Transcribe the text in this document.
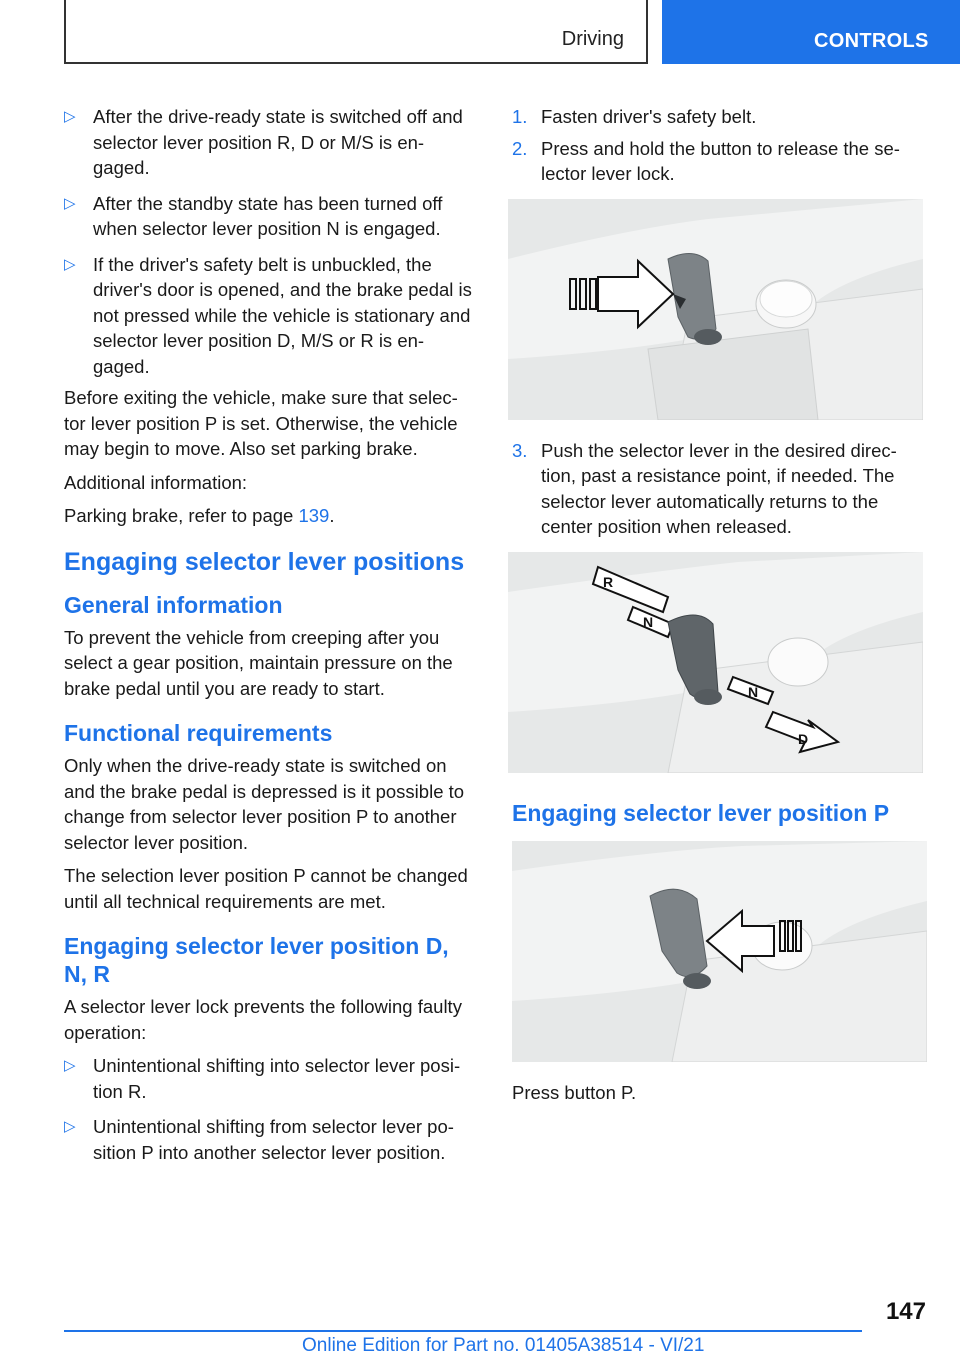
Driving	CONTROLS
▷ After the drive-ready state is switched off and selector lever position R, D or M/S is en‐ gaged.
▷ After the standby state has been turned off when selector lever position N is engaged.
▷ If the driver's safety belt is unbuckled, the driver's door is opened, and the brake pedal is not pressed while the vehicle is stationary and selector lever position D, M/S or R is en‐ gaged.

Before exiting the vehicle, make sure that selec‐ tor lever position P is set. Otherwise, the vehicle may begin to move. Also set parking brake.

Additional information:

Parking brake, refer to page 139.

Engaging selector lever positions
General information

To prevent the vehicle from creeping after you select a gear position, maintain pressure on the brake pedal until you are ready to start.

Functional requirements

Only when the drive-ready state is switched on and the brake pedal is depressed is it possible to change from selector lever position P to another selector lever position.

The selection lever position P cannot be changed until all technical requirements are met.

Engaging selector lever position D, N, R

A selector lever lock prevents the following faulty operation:

▷ Unintentional shifting into selector lever posi‐ tion R.
▷ Unintentional shifting from selector lever po‐ sition P into another selector lever position.
1. Fasten driver's safety belt.
2. Press and hold the button to release the se‐ lector lever lock.
3. Push the selector lever in the desired direc‐ tion, past a resistance point, if needed. The selector lever automatically returns to the center position when released.
R
N
N
D
Engaging selector lever position P

Press button P.

147
Online Edition for Part no. 01405A38514 - VI/21
